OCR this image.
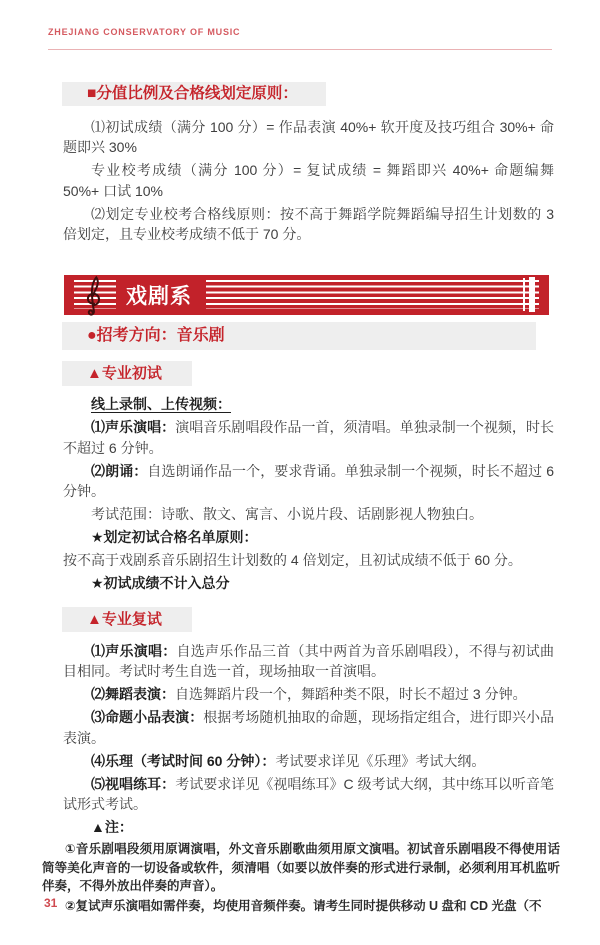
ZHEJIANG CONSERVATORY OF MUSIC
■分值比例及合格线划定原则：

⑴初试成绩（满分 100 分）= 作品表演 40%+ 软开度及技巧组合 30%+ 命题即兴 30%

专业校考成绩（满分 100 分）= 复试成绩 = 舞蹈即兴 40%+ 命题编舞 50%+ 口试 10%

⑵划定专业校考合格线原则：按不高于舞蹈学院舞蹈编导招生计划数的 3 倍划定，且专业校考成绩不低于 70 分。

戏剧系
●招考方向：音乐剧
▲专业初试

线上录制、上传视频：

⑴声乐演唱：演唱音乐剧唱段作品一首，须清唱。单独录制一个视频，时长不超过 6 分钟。

⑵朗诵：自选朗诵作品一个，要求背诵。单独录制一个视频，时长不超过 6 分钟。

考试范围：诗歌、散文、寓言、小说片段、话剧影视人物独白。

★划定初试合格名单原则：

按不高于戏剧系音乐剧招生计划数的 4 倍划定，且初试成绩不低于 60 分。

★初试成绩不计入总分

▲专业复试

⑴声乐演唱：自选声乐作品三首（其中两首为音乐剧唱段），不得与初试曲目相同。考试时考生自选一首，现场抽取一首演唱。

⑵舞蹈表演：自选舞蹈片段一个，舞蹈种类不限，时长不超过 3 分钟。

⑶命题小品表演：根据考场随机抽取的命题，现场指定组合，进行即兴小品表演。

⑷乐理（考试时间 60 分钟）：考试要求详见《乐理》考试大纲。

⑸视唱练耳：考试要求详见《视唱练耳》C 级考试大纲，其中练耳以听音笔试形式考试。

▲注：

①音乐剧唱段须用原调演唱，外文音乐剧歌曲须用原文演唱。初试音乐剧唱段不得使用话筒等美化声音的一切设备或软件，须清唱（如要以放伴奏的形式进行录制，必须利用耳机监听伴奏，不得外放出伴奏的声音）。

②复试声乐演唱如需伴奏，均使用音频伴奏。请考生同时提供移动 U 盘和 CD 光盘（不

31
